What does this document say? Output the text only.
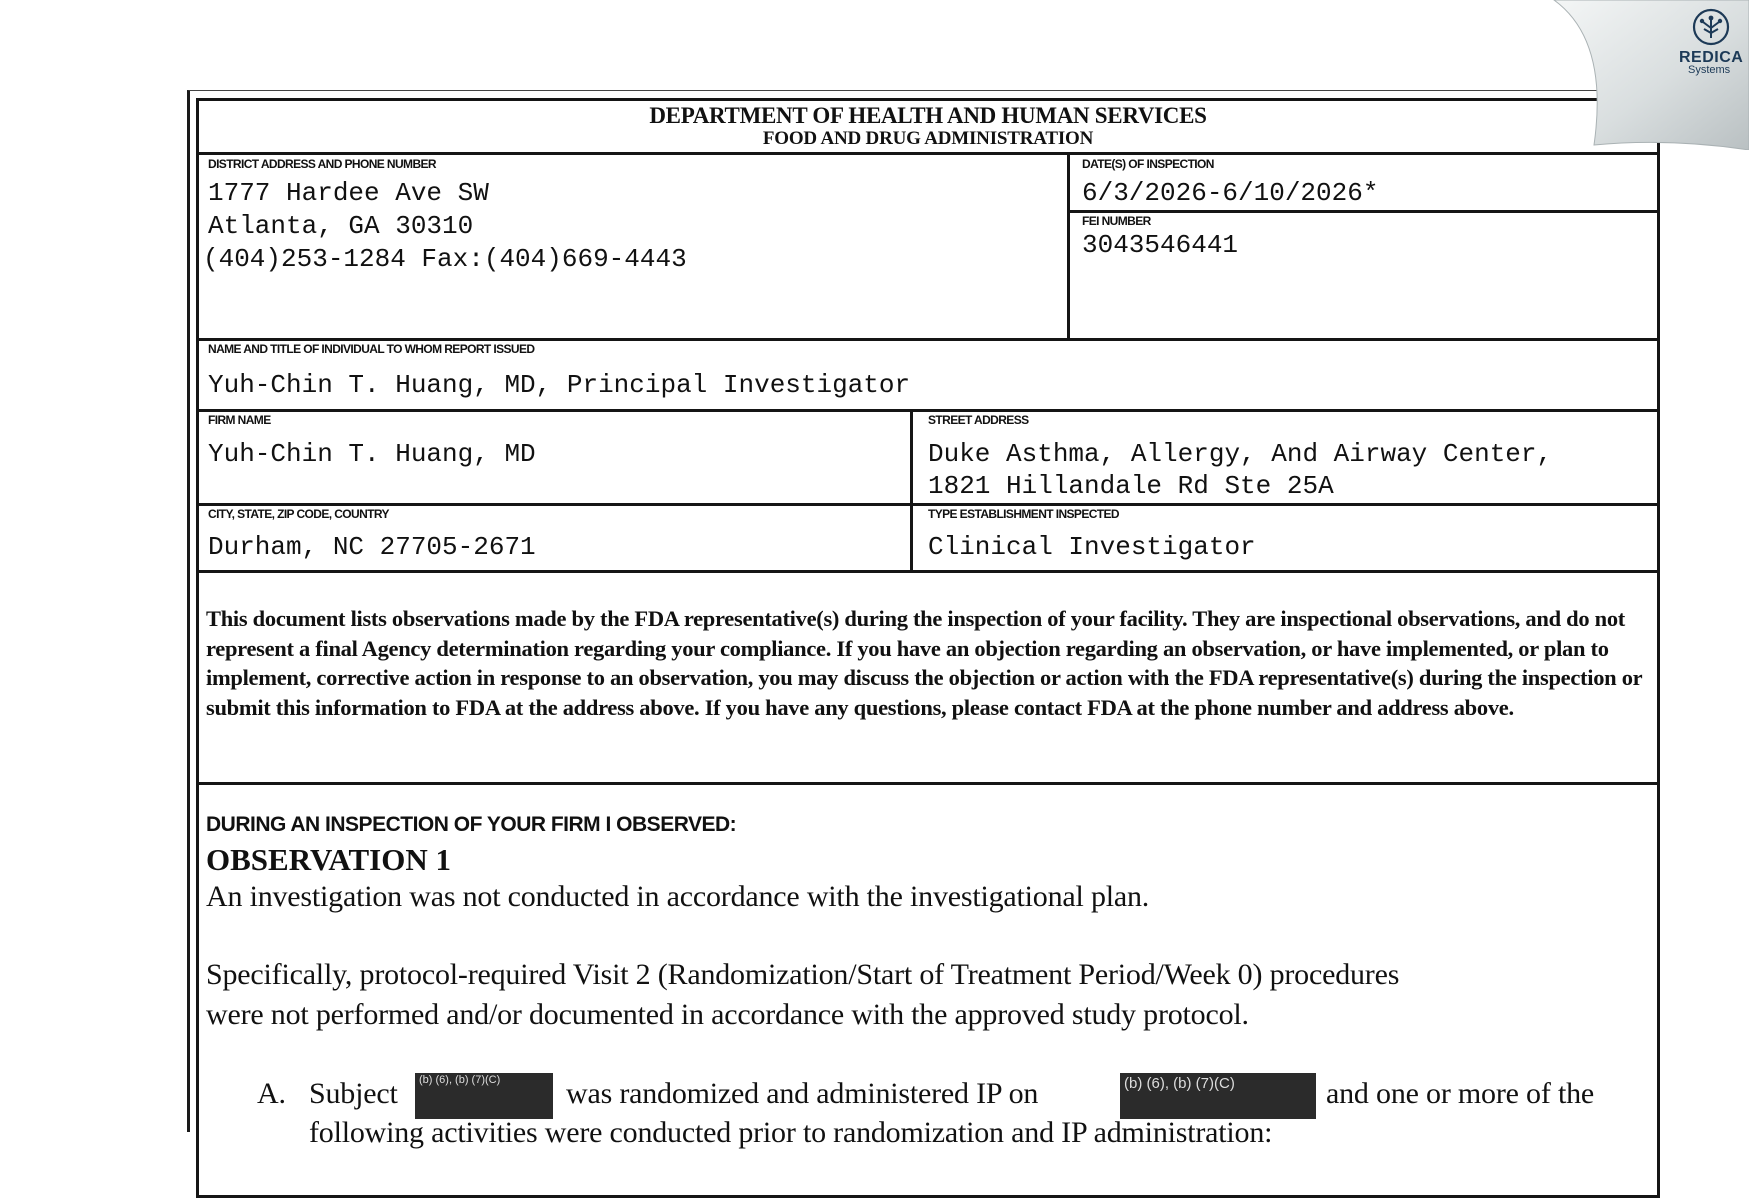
DEPARTMENT OF HEALTH AND HUMAN SERVICES
FOOD AND DRUG ADMINISTRATION
DISTRICT ADDRESS AND PHONE NUMBER
1777 Hardee Ave SW
Atlanta, GA 30310
(404)253-1284 Fax:(404)669-4443
DATE(S) OF INSPECTION
6/3/2026-6/10/2026*
FEI NUMBER
3043546441
NAME AND TITLE OF INDIVIDUAL TO WHOM REPORT ISSUED
Yuh-Chin T. Huang, MD, Principal Investigator
FIRM NAME
Yuh-Chin T. Huang, MD
STREET ADDRESS
Duke Asthma, Allergy, And Airway Center,
1821 Hillandale Rd Ste 25A
CITY, STATE, ZIP CODE, COUNTRY
Durham, NC 27705-2671
TYPE ESTABLISHMENT INSPECTED
Clinical Investigator
This document lists observations made by the FDA representative(s) during the inspection of your facility. They are inspectional observations, and do not represent a final Agency determination regarding your compliance. If you have an objection regarding an observation, or have implemented, or plan to implement, corrective action in response to an observation, you may discuss the objection or action with the FDA representative(s) during the inspection or submit this information to FDA at the address above. If you have any questions, please contact FDA at the phone number and address above.
DURING AN INSPECTION OF YOUR FIRM I OBSERVED:
OBSERVATION 1
An investigation was not conducted in accordance with the investigational plan.
Specifically, protocol-required Visit 2 (Randomization/Start of Treatment Period/Week 0) procedures
were not performed and/or documented in accordance with the approved study protocol.
A. Subject (b) (6), (b) (7)(C) was randomized and administered IP on	(b) (6), (b) (7)(C)	and one or more of the
following activities were conducted prior to randomization and IP administration:
REDICA
Systems
